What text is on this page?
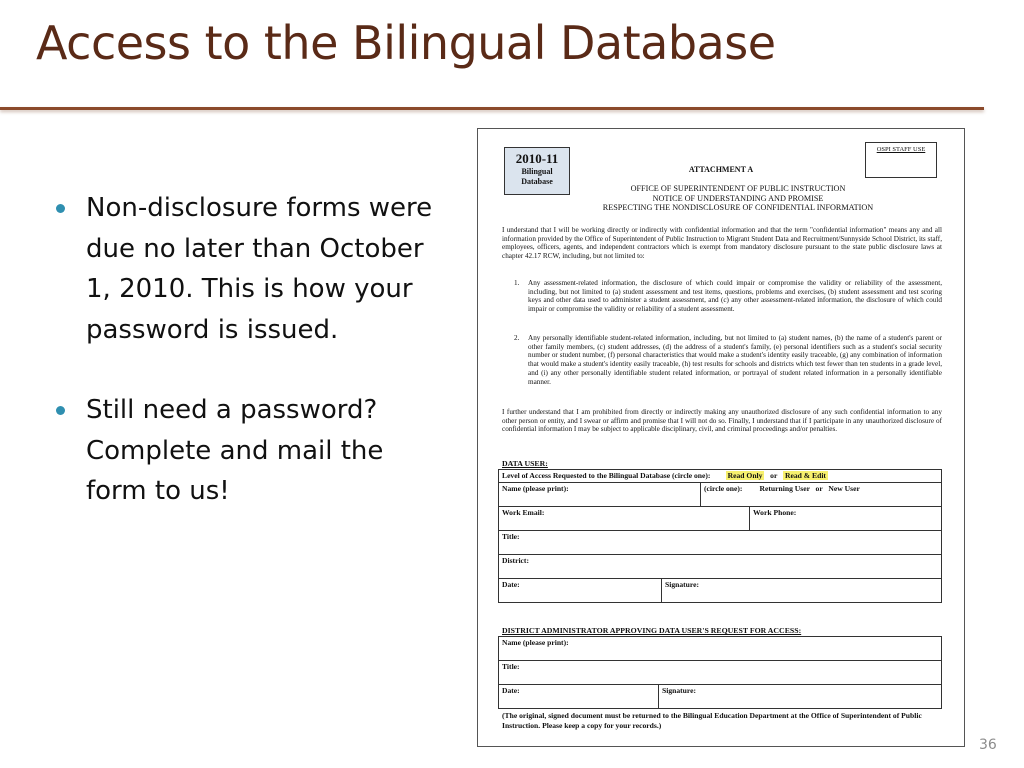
Access to the Bilingual Database
Non-disclosure forms were due no later than October 1, 2010. This is how your password is issued.
Still need a password? Complete and mail the form to us!
2010-11
Bilingual
Database
OSPI STAFF USE
ATTACHMENT A
OFFICE OF SUPERINTENDENT OF PUBLIC INSTRUCTION
NOTICE OF UNDERSTANDING AND PROMISE
RESPECTING THE NONDISCLOSURE OF CONFIDENTIAL INFORMATION
I understand that I will be working directly or indirectly with confidential information and that the term "confidential information" means any and all information provided by the Office of Superintendent of Public Instruction to Migrant Student Data and Recruitment/Sunnyside School District, its staff, employees, officers, agents, and independent contractors which is exempt from mandatory disclosure pursuant to the state public disclosure laws at chapter 42.17 RCW, including, but not limited to:
1. Any assessment-related information, the disclosure of which could impair or compromise the validity or reliability of the assessment, including, but not limited to (a) student assessment and test items, questions, problems and exercises, (b) student assessment and test scoring keys and other data used to administer a student assessment, and (c) any other assessment-related information, the disclosure of which could impair or compromise the validity or reliability of a student assessment.
2. Any personally identifiable student-related information, including, but not limited to (a) student names, (b) the name of a student's parent or other family members, (c) student addresses, (d) the address of a student's family, (e) personal identifiers such as a student's social security number or student number, (f) personal characteristics that would make a student's identity easily traceable, (g) any combination of information that would make a student's identity easily traceable, (h) test results for schools and districts which test fewer than ten students in a grade level, and (i) any other personally identifiable student related information, or portrayal of student related information in a personally identifiable manner.
I further understand that I am prohibited from directly or indirectly making any unauthorized disclosure of any such confidential information to any other person or entity, and I swear or affirm and promise that I will not do so. Finally, I understand that if I participate in any unauthorized disclosure of confidential information I may be subject to applicable disciplinary, civil, and criminal proceedings and/or penalties.
DATA USER:
Level of Access Requested to the Bilingual Database (circle one): Read Only or Read & Edit			
Name (please print):		(circle one): Returning User or New User	
Work Email:			Work Phone:
Title:			
District:			
Date:	Signature:		
DISTRICT ADMINISTRATOR APPROVING DATA USER'S REQUEST FOR ACCESS:
Name (please print):
Title:
Date:	Signature:
(The original, signed document must be returned to the Bilingual Education Department at the Office of Superintendent of Public Instruction. Please keep a copy for your records.)
36
